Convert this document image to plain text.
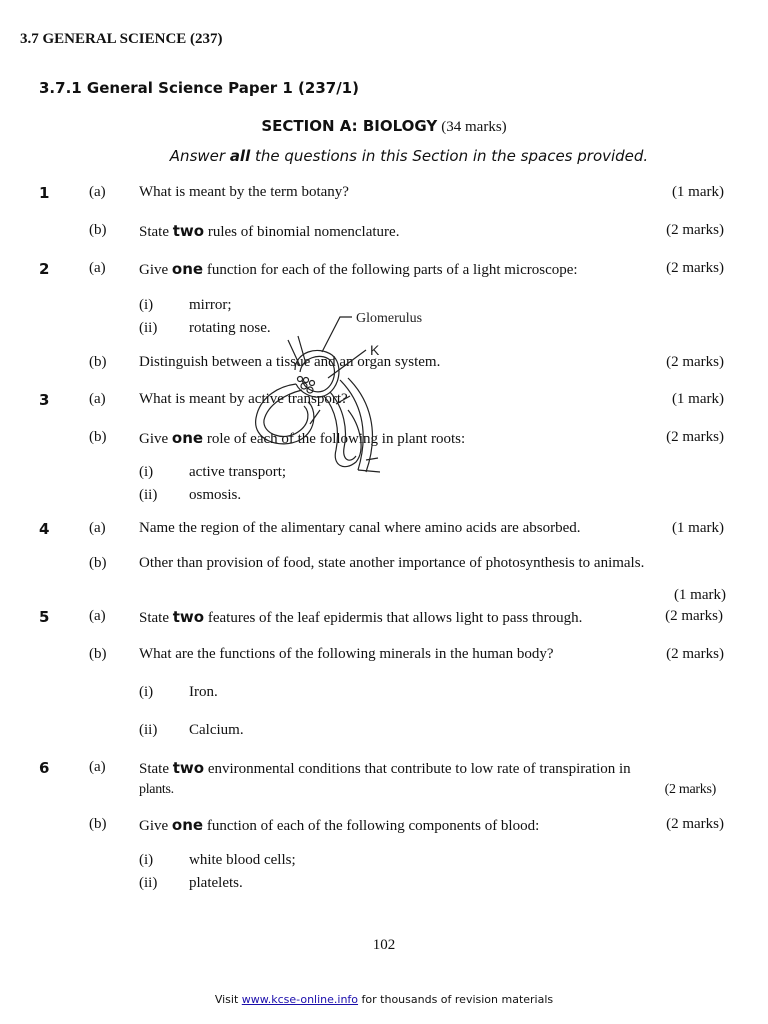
3.7 GENERAL SCIENCE (237)
3.7.1 General Science Paper 1 (237/1)
SECTION A: BIOLOGY (34 marks)
Answer all the questions in this Section in the spaces provided.
1	(a) What is meant by the term botany?	(1 mark)
(b) State two rules of binomial nomenclature.	(2 marks)
2	(a) Give one function for each of the following parts of a light microscope:	(2 marks)
(i) mirror;
(ii) rotating nose.
(b) Distinguish between a tissue and an organ system.	(2 marks)
3	(a) What is meant by active transport?	(1 mark)
(b) Give one role of each of the following in plant roots:	(2 marks)
(i) active transport;
(ii) osmosis.
4	(a) Name the region of the alimentary canal where amino acids are absorbed.	(1 mark)
(b) Other than provision of food, state another importance of photosynthesis to animals.
(1 mark)
5	(a) State two features of the leaf epidermis that allows light to pass through.	(2 marks)
(b) What are the functions of the following minerals in the human body?	(2 marks)
(i) Iron.
(ii) Calcium.
6	(a) State two environmental conditions that contribute to low rate of transpiration in
plants.	(2 marks)
(b) Give one function of each of the following components of blood:	(2 marks)
(i) white blood cells;
(ii) platelets.
Glomerulus
K
102
Visit www.kcse-online.info for thousands of revision materials
